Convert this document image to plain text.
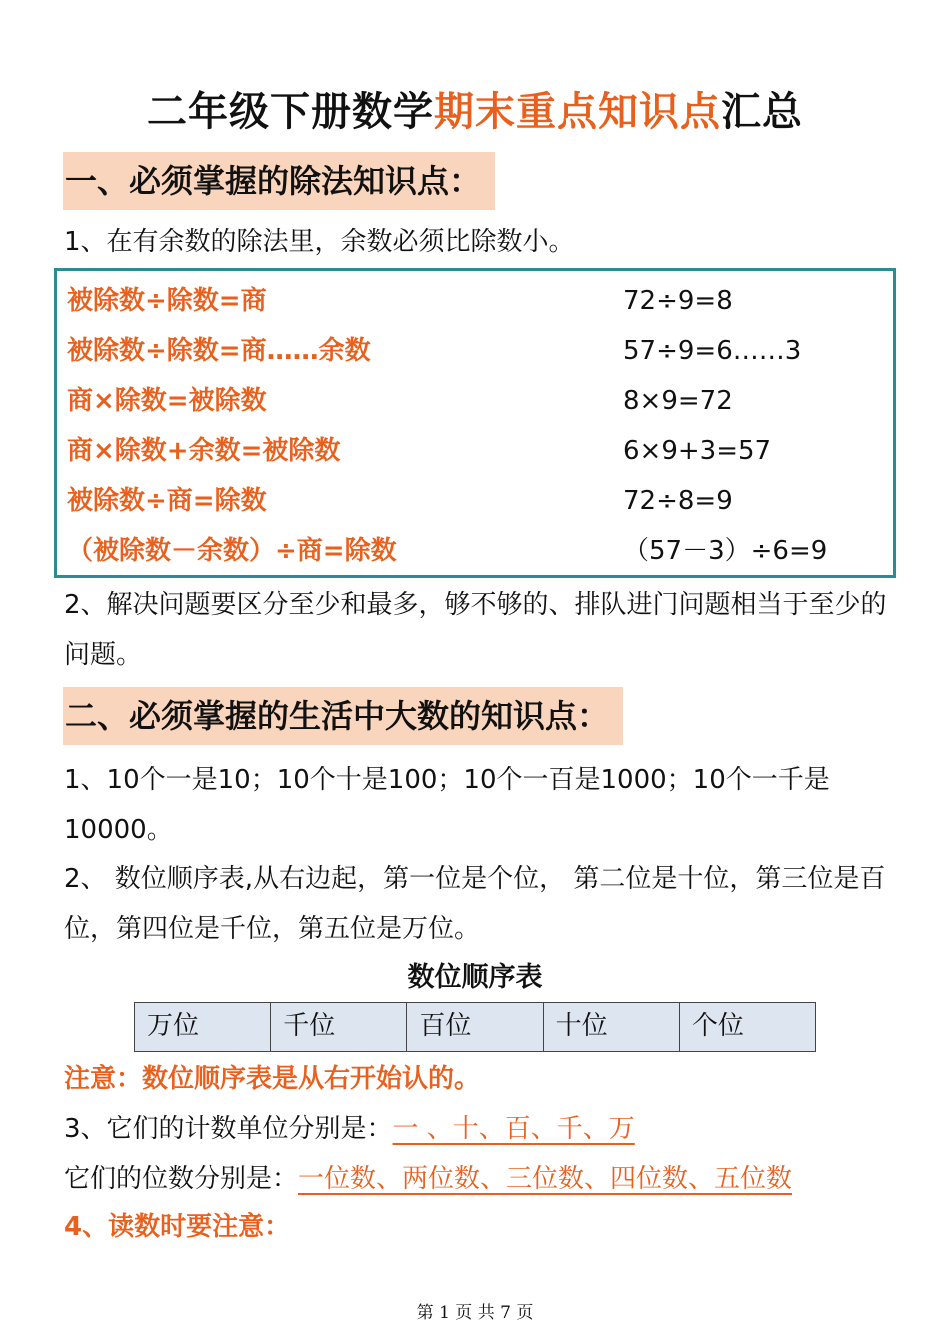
二年级下册数学期末重点知识点汇总
一、必须掌握的除法知识点：
1、在有余数的除法里，余数必须比除数小。
被除数÷除数=商	72÷9=8
被除数÷除数=商……余数	57÷9=6……3
商×除数=被除数	8×9=72
商×除数+余数=被除数	6×9+3=57
被除数÷商=除数	72÷8=9
（被除数－余数）÷商=除数	（57－3）÷6=9
2、解决问题要区分至少和最多，够不够的、排队进门问题相当于至少的问题。
二、必须掌握的生活中大数的知识点：
1、10个一是10；10个十是100；10个一百是1000；10个一千是10000。
2、 数位顺序表,从右边起，第一位是个位， 第二位是十位，第三位是百位，第四位是千位，第五位是万位。
数位顺序表
万位	千位	百位	十位	个位
注意：数位顺序表是从右开始认的。
3、它们的计数单位分别是：一 、十、百、千、万
它们的位数分别是：一位数、两位数、三位数、四位数、五位数
4、读数时要注意：
第 1 页 共 7 页
